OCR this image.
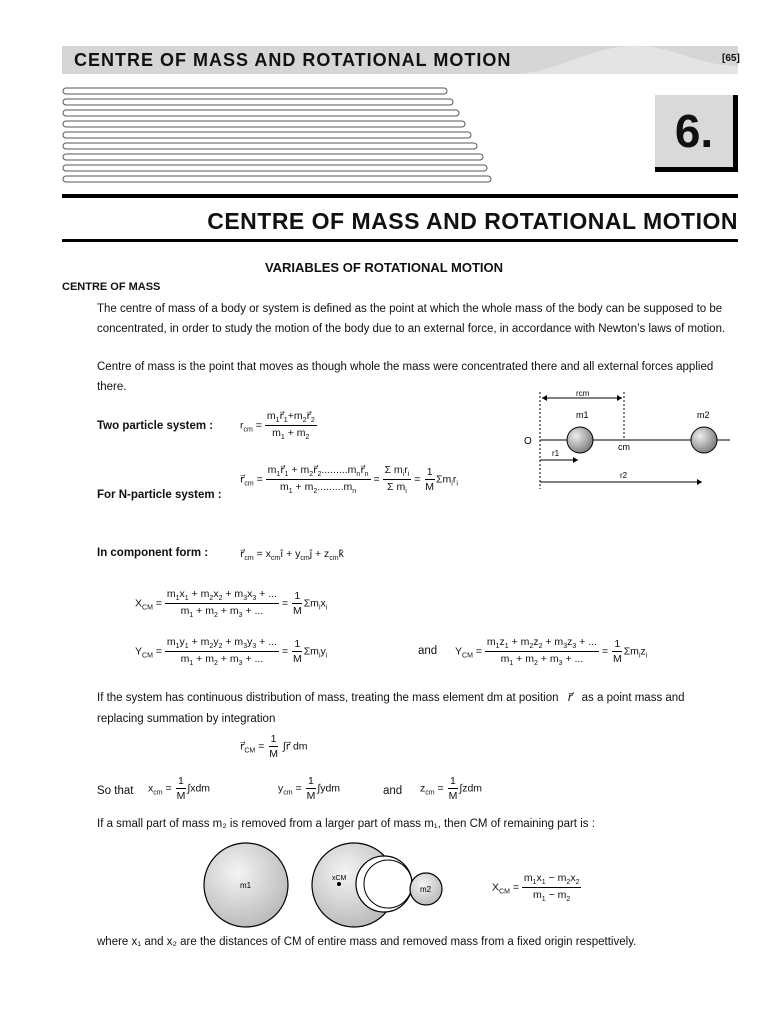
CENTRE OF MASS AND ROTATIONAL MOTION	[65]
6.
CENTRE OF MASS AND ROTATIONAL MOTION
VARIABLES OF ROTATIONAL MOTION
CENTRE OF MASS
The centre of mass of a body or system is defined as the point at which the whole mass of the body can be supposed to be concentrated, in order to study the motion of the body due to an external force, in accordance with Newton’s laws of motion.
Centre of mass is the point that moves as though whole the mass were concentrated there and all external forces applied there.
Two particle system :	$r_{cm} = \frac{m_1r⃗_1+m_2r⃗_2}{m_1 + m_2}$
For N-particle system :
$r⃗_{cm} = \frac{m_1r⃗_1 + m_2r⃗_2.........m_nr⃗_n}{m_1 + m_2.........m_n} = \frac{\Sigma m_ir_i}{\Sigma m_i} = \frac{1}{M} \Sigma m_ir_i$
In component form :	$r⃗_{cm}$ = $x_{cm}î$ + $y_{cm}ĵ$ + $z_{cm}k̂$
$X_{CM} = \frac{m_1x_1 + m_2x_2 + m_3x_3 + ...}{m_1 + m_2 + m_3 + ...} = \frac{1}{M} \Sigma m_ix_i$
$Y_{CM} = \frac{m_1y_1 + m_2y_2 + m_3y_3 + ...}{m_1 + m_2 + m_3 + ...} = \frac{1}{M} \Sigma m_iy_i$	and $Y_{CM} = \frac{m_1z_1 + m_2z_2 + m_3z_3 + ...}{m_1 + m_2 + m_3 + ...} = \frac{1}{M} \Sigma m_iz_i$
If the system has continuous distribution of mass, treating the mass element dm at position r⃗ as a point mass and
replacing summation by integration
$r⃗_{CM} = \frac{1}{M}$ ∫r⃗ dm
So that $x_{cm} = \frac{1}{M} \int xdm$	$y_{cm} = \frac{1}{M} \int ydm$	and $z_{cm} = \frac{1}{M} \int zdm$
If a small part of mass m₂ is removed from a larger part of mass m₁, then CM of remaining part is :
m1
xCM
m2	$X_{CM} = \frac{m_1x_1 - m_2x_2}{m_1 - m_2}$
where x₁ and x₂ are the distances of CM of entire mass and removed mass from a fixed origin respettively.
rcm
m1	m2
O	cm
r1
r2
